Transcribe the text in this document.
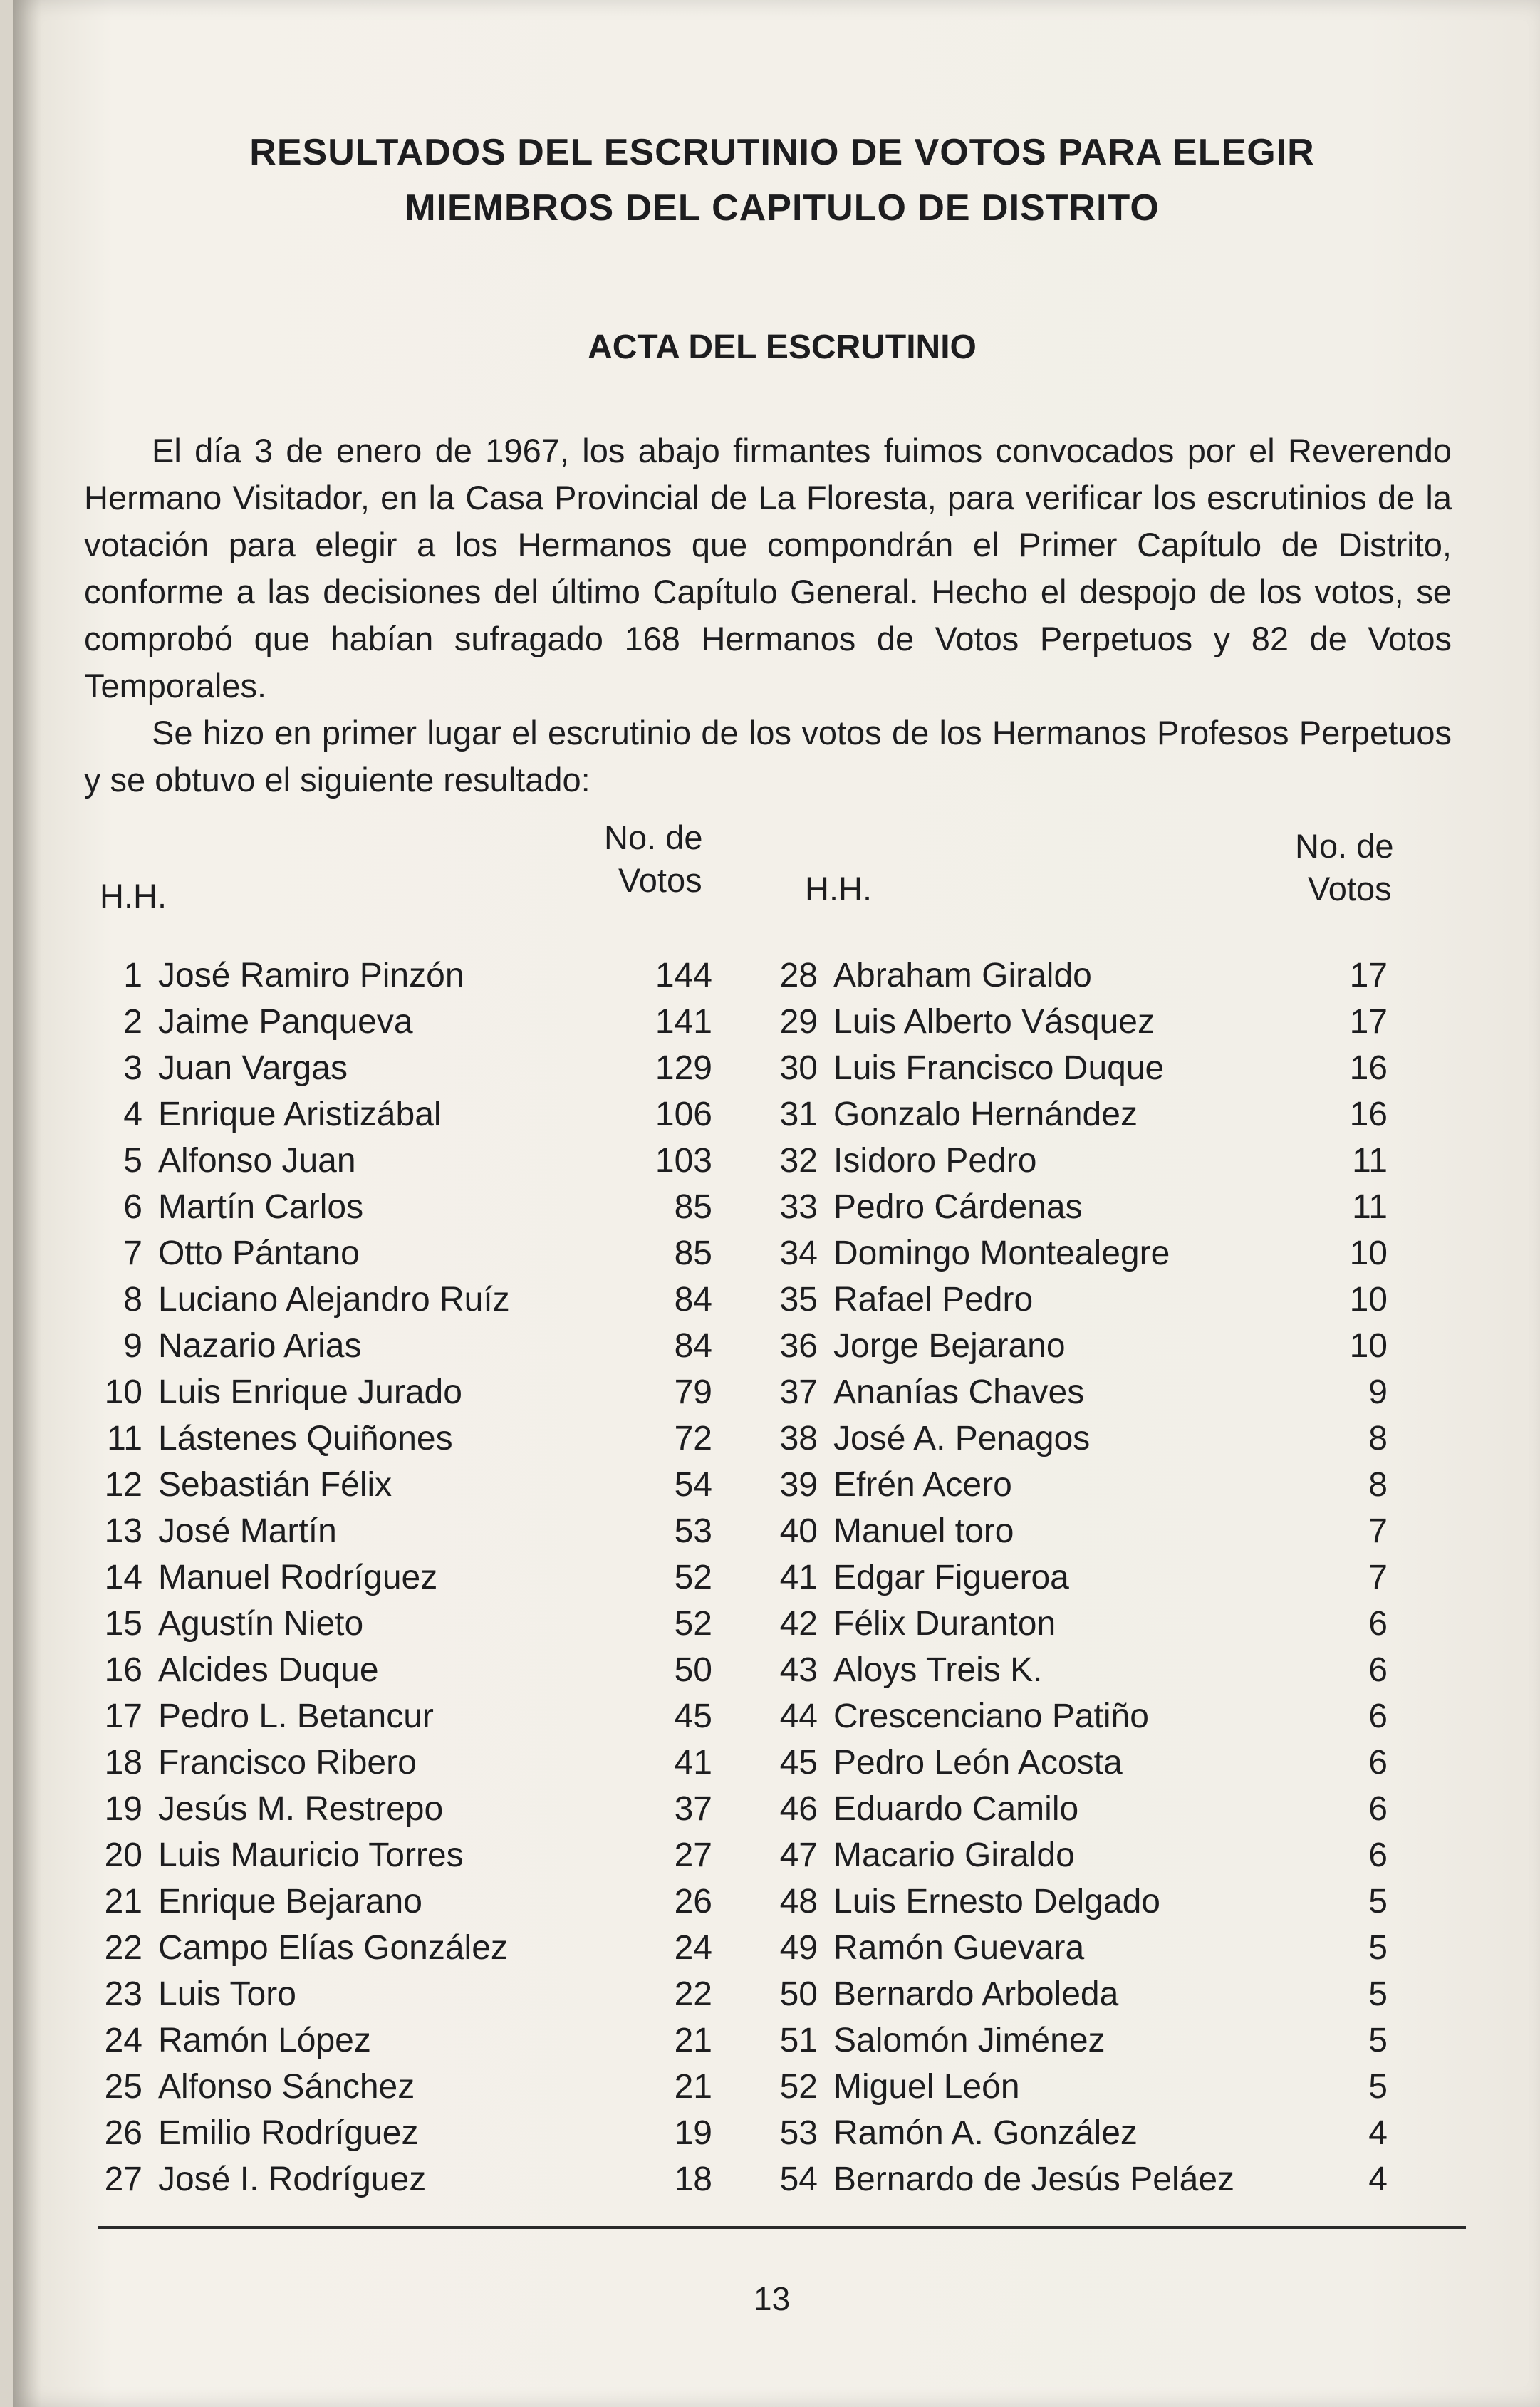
RESULTADOS DEL ESCRUTINIO DE VOTOS PARA ELEGIR
MIEMBROS DEL CAPITULO DE DISTRITO
ACTA DEL ESCRUTINIO

El día 3 de enero de 1967, los abajo firmantes fuimos convocados por el Reverendo Hermano Visitador, en la Casa Provincial de La Floresta, para verificar los escrutinios de la votación para elegir a los Hermanos que compondrán el Primer Capítulo de Distrito, conforme a las decisiones del último Capítulo General. Hecho el despojo de los votos, se comprobó que habían sufragado 168 Hermanos de Votos Perpetuos y 82 de Votos Temporales.

Se hizo en primer lugar el escrutinio de los votos de los Hermanos Profesos Perpetuos y se obtuvo el siguiente resultado:

H.H.
No. de
Votos	H.H.
No. de
Votos
1 José Ramiro Pinzón	144
2 Jaime Panqueva	141
3 Juan Vargas	129
4 Enrique Aristizábal	106
5 Alfonso Juan	103
6 Martín Carlos	85
7 Otto Pántano	85
8 Luciano Alejandro Ruíz	84
9 Nazario Arias	84
10 Luis Enrique Jurado	79
11 Lástenes Quiñones	72
12 Sebastián Félix	54
13 José Martín	53
14 Manuel Rodríguez	52
15 Agustín Nieto	52
16 Alcides Duque	50
17 Pedro L. Betancur	45
18 Francisco Ribero	41
19 Jesús M. Restrepo	37
20 Luis Mauricio Torres	27
21 Enrique Bejarano	26
22 Campo Elías González	24
23 Luis Toro	22
24 Ramón López	21
25 Alfonso Sánchez	21
26 Emilio Rodríguez	19
27 José I. Rodríguez	18
28 Abraham Giraldo	17
29 Luis Alberto Vásquez	17
30 Luis Francisco Duque	16
31 Gonzalo Hernández	16
32 Isidoro Pedro	11
33 Pedro Cárdenas	11
34 Domingo Montealegre	10
35 Rafael Pedro	10
36 Jorge Bejarano	10
37 Ananías Chaves	9
38 José A. Penagos	8
39 Efrén Acero	8
40 Manuel toro	7
41 Edgar Figueroa	7
42 Félix Duranton	6
43 Aloys Treis K.	6
44 Crescenciano Patiño	6
45 Pedro León Acosta	6
46 Eduardo Camilo	6
47 Macario Giraldo	6
48 Luis Ernesto Delgado	5
49 Ramón Guevara	5
50 Bernardo Arboleda	5
51 Salomón Jiménez	5
52 Miguel León	5
53 Ramón A. González	4
54 Bernardo de Jesús Peláez	4
13
